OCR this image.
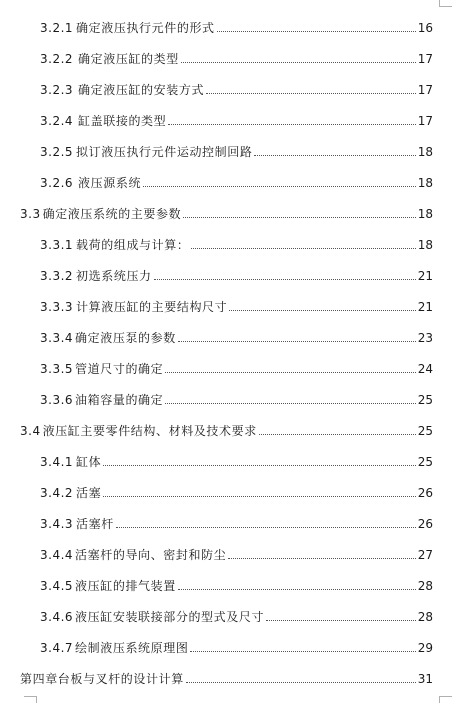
3.2.1 确定液压执行元件的形式	16
3.2.2 确定液压缸的类型	17
3.2.3 确定液压缸的安装方式	17
3.2.4 缸盖联接的类型	17
3.2.5 拟订液压执行元件运动控制回路	18
3.2.6 液压源系统	18
3.3 确定液压系统的主要参数	18
3.3.1 载荷的组成与计算：	18
3.3.2 初选系统压力	21
3.3.3 计算液压缸的主要结构尺寸	21
3.3.4 确定液压泵的参数	23
3.3.5 管道尺寸的确定	24
3.3.6 油箱容量的确定	25
3.4 液压缸主要零件结构、材料及技术要求	25
3.4.1 缸体	25
3.4.2 活塞	26
3.4.3 活塞杆	26
3.4.4 活塞杆的导向、密封和防尘	27
3.4.5 液压缸的排气装置	28
3.4.6 液压缸安装联接部分的型式及尺寸	28
3.4.7 绘制液压系统原理图	29
第四章台板与叉杆的设计计算	31
